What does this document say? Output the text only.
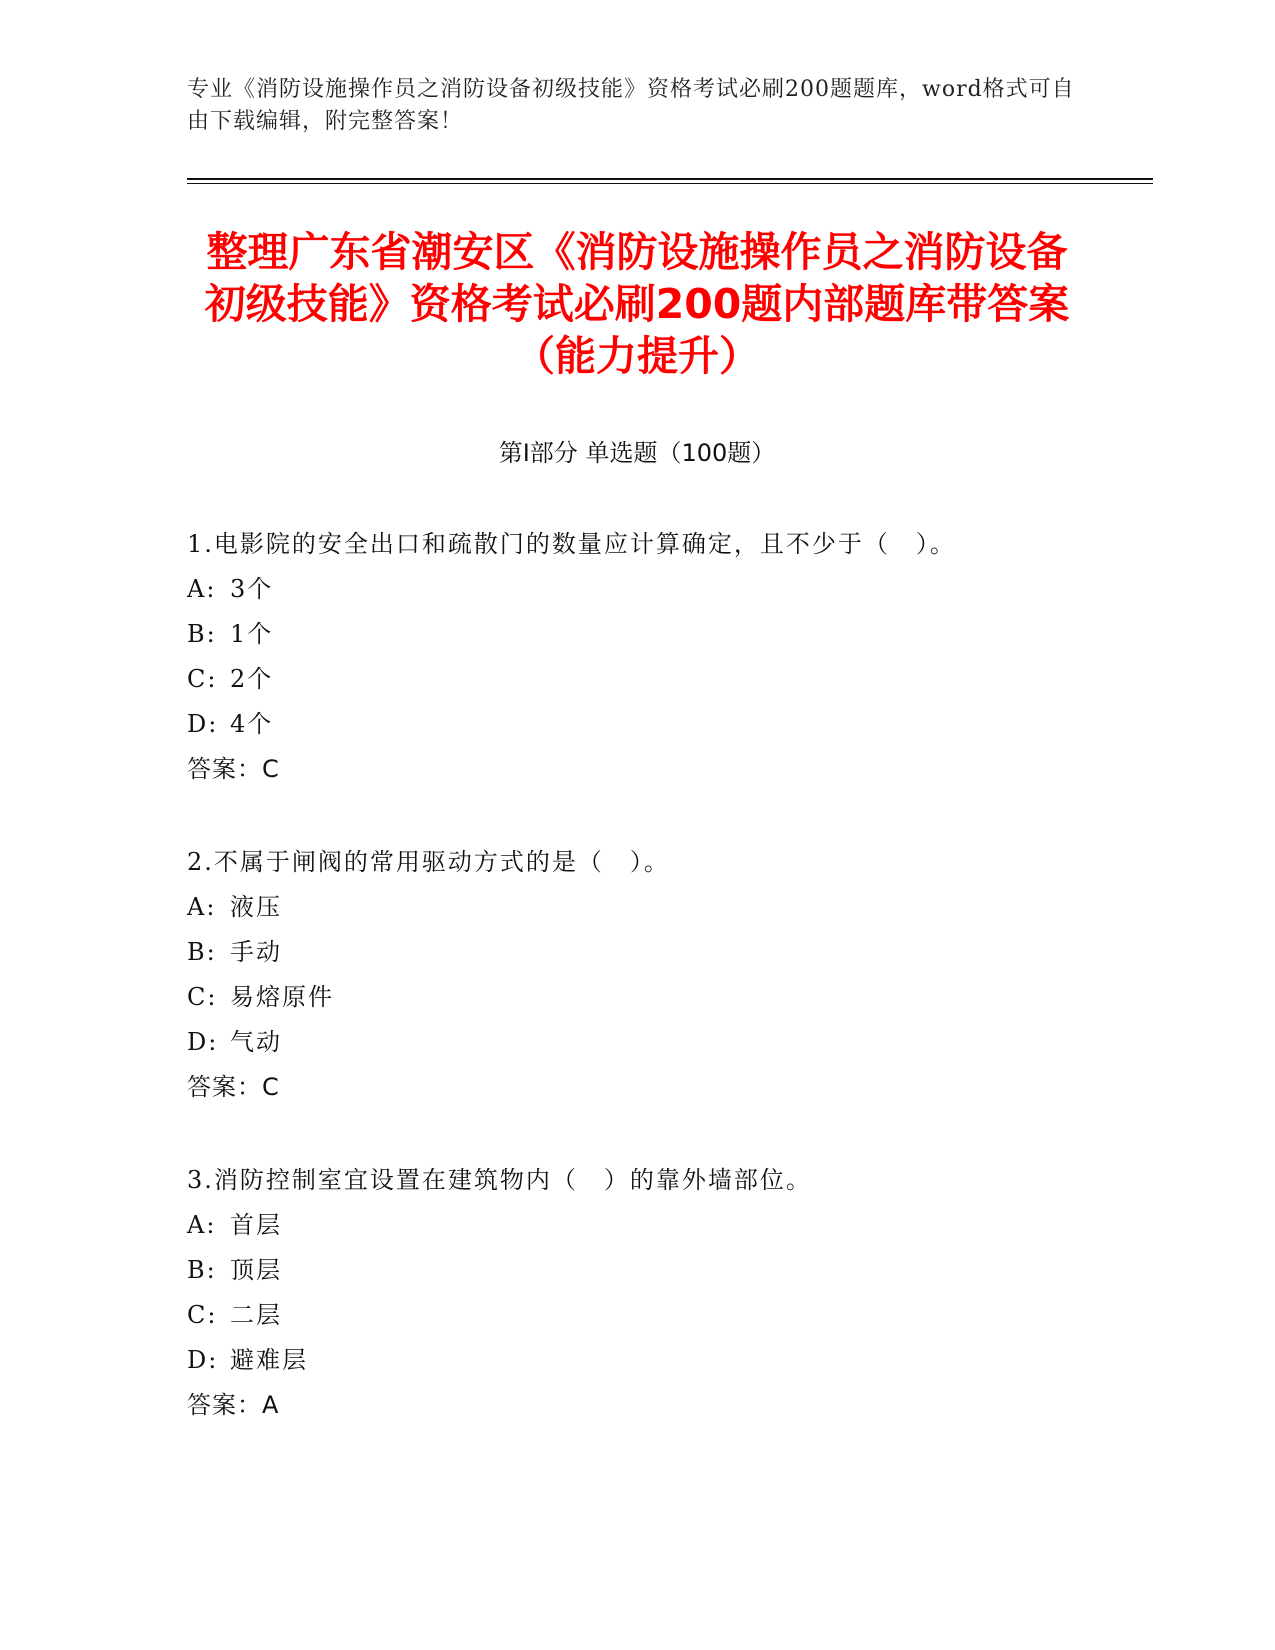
专业《消防设施操作员之消防设备初级技能》资格考试必刷200题题库，word格式可自由下载编辑，附完整答案！
整理广东省潮安区《消防设施操作员之消防设备初级技能》资格考试必刷200题内部题库带答案（能力提升）
第Ⅰ部分 单选题（100题）
1.电影院的安全出口和疏散门的数量应计算确定，且不少于（　）。
A: 3个
B: 1个
C: 2个
D: 4个
答案：C
2.不属于闸阀的常用驱动方式的是（　）。
A: 液压
B: 手动
C: 易熔原件
D: 气动
答案：C
3.消防控制室宜设置在建筑物内（　）的靠外墙部位。
A: 首层
B: 顶层
C: 二层
D: 避难层
答案：A
